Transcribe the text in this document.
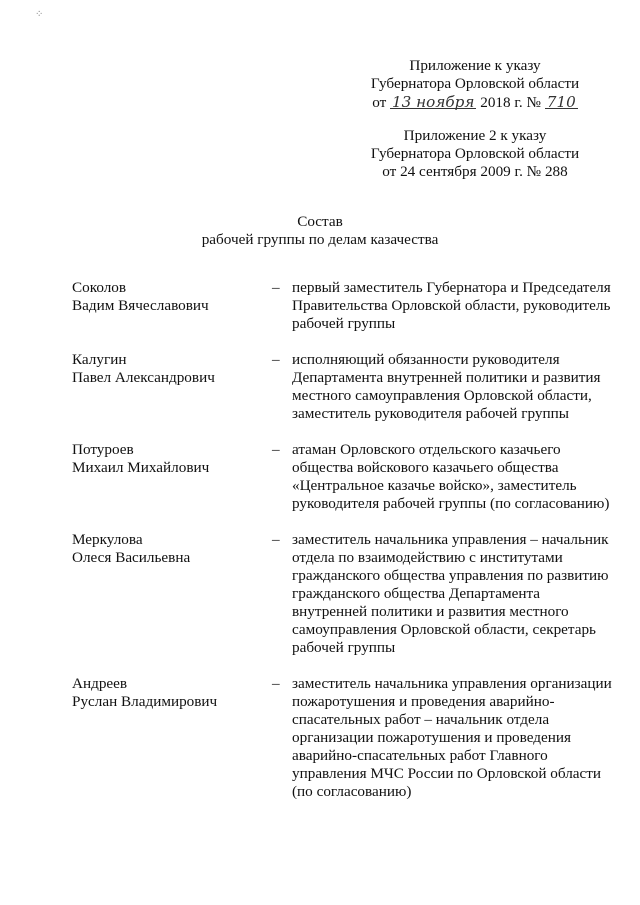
Приложение к указу
Губернатора Орловской области
от 13 ноября 2018 г. № 710
Приложение 2 к указу
Губернатора Орловской области
от 24 сентября 2009 г. № 288
Состав
рабочей группы по делам казачества
Соколов
Вадим Вячеславович
– первый заместитель Губернатора и Председателя Правительства Орловской области, руководитель рабочей группы
Калугин
Павел Александрович
– исполняющий обязанности руководителя Департамента внутренней политики и развития местного самоуправления Орловской области, заместитель руководителя рабочей группы
Потуроев
Михаил Михайлович
– атаман Орловского отдельского казачьего общества войскового казачьего общества «Центральное казачье войско», заместитель руководителя рабочей группы (по согласованию)
Меркулова
Олеся Васильевна
– заместитель начальника управления – начальник отдела по взаимодействию с институтами гражданского общества управления по развитию гражданского общества Департамента внутренней политики и развития местного самоуправления Орловской области, секретарь рабочей группы
Андреев
Руслан Владимирович
– заместитель начальника управления организации пожаротушения и проведения аварийно-спасательных работ – начальник отдела организации пожаротушения и проведения аварийно-спасательных работ Главного управления МЧС России по Орловской области (по согласованию)
⁘
